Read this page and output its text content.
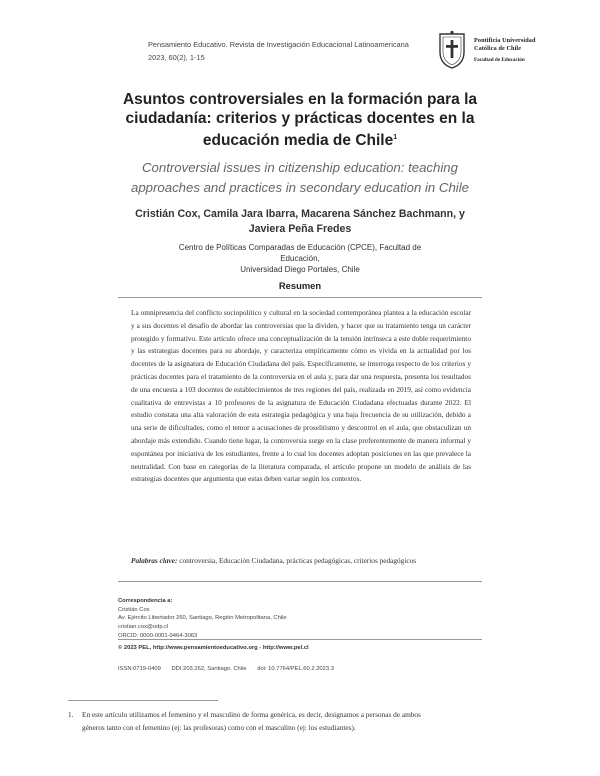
Pensamiento Educativo. Revista de Investigación Educacional Latinoamericana
2023, 60(2), 1-15
Pontificia Universidad
Católica de Chile
Facultad de Educación
Asuntos controversiales en la formación para la
ciudadanía: criterios y prácticas docentes en la
educación media de Chile$^1$
Controversial issues in citizenship education: teaching
approaches and practices in secondary education in Chile
Cristián Cox, Camila Jara Ibarra, Macarena Sánchez Bachmann, y
Javiera Peña Fredes
Centro de Políticas Comparadas de Educación (CPCE), Facultad de Educación,
Universidad Diego Portales, Chile
Resumen
La omnipresencia del conflicto sociopolítico y cultural en la sociedad contemporánea plantea a la educación escolar y a sus docentes el desafío de abordar las controversias que la dividen, y hacer que su tratamiento tenga un carácter protegido y formativo. Este artículo ofrece una conceptualización de la tensión intrínseca a este doble requerimiento y las estrategias docentes para su abordaje, y caracteriza empíricamente cómo es vivida en la actualidad por los docentes de la asignatura de Educación Ciudadana del país. Específicamente, se interroga respecto de los criterios y prácticas docentes para el tratamiento de la controversia en el aula y, para dar una respuesta, presenta los resultados de una encuesta a 103 docentes de establecimientos de tres regiones del país, realizada en 2019, así como evidencia cualitativa de entrevistas a 10 profesores de la asignatura de Educación Ciudadana efectuadas durante 2022. El estudio constata una alta valoración de esta estrategia pedagógica y una baja frecuencia de su utilización, debido a una serie de dificultades, como el temor a acusaciones de proselitismo y descontrol en el aula, que obstaculizan un abordaje más extendido. Cuando tiene lugar, la controversia surge en la clase preferentemente de manera informal y espontánea por iniciativa de los estudiantes, frente a lo cual los docentes adoptan posiciones en las que prevalece la neutralidad. Con base en categorías de la literatura comparada, el artículo propone un modelo de análisis de las estrategias docentes que argumenta que estas deben variar según los contextos.
Palabras clave: controversia, Educación Ciudadana, prácticas pedagógicas, criterios pedagógicos
Correspondencia a:
Cristián Cox
Av. Ejército Libertador 260, Santiago, Región Metropolitana, Chile
cristian.cox@udp.cl
ORCID: 0000-0001-9464-3063
© 2023 PEL, http://www.pensamientoeducativo.org - http://www.pel.cl
ISSN:0719-0409 DDI:203.262, Santiago, Chile doi: 10.7764/PEL.60.2.2023.3
1. En este artículo utilizamos el femenino y el masculino de forma genérica, es decir, designamos a personas de ambos
géneros tanto con el femenino (ej: las profesoras) como con el masculino (ej: los estudiantes).
